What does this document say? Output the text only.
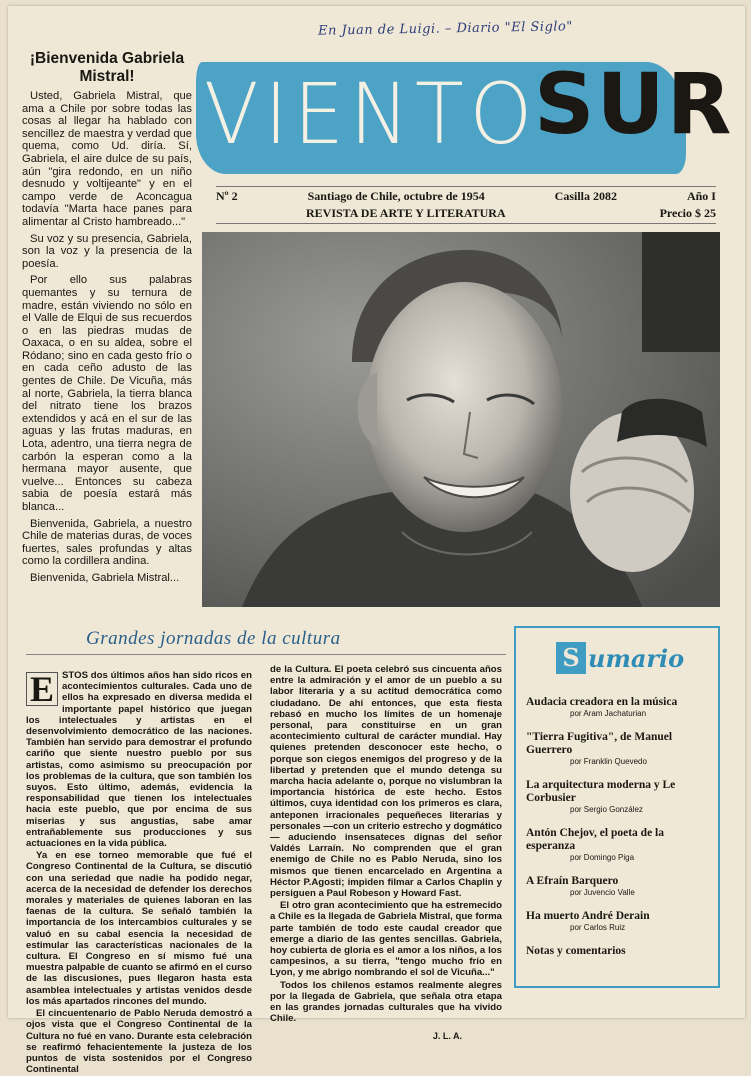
En Juan de Luigi. – Diario "El Siglo"
¡Bienvenida Gabriela Mistral!

Usted, Gabriela Mistral, que ama a Chile por sobre todas las cosas al llegar ha hablado con sencillez de maestra y verdad que quema, como Ud. diría. Sí, Gabriela, el aire dulce de su país, aún "gira redondo, en un niño desnudo y voltijeante" y en el campo verde de Aconcagua todavía "Marta hace panes para alimentar al Cristo hambreado..."

Su voz y su presencia, Gabriela, son la voz y la presencia de la poesía.

Por ello sus palabras quemantes y su ternura de madre, están viviendo no sólo en el Valle de Elqui de sus recuerdos o en las piedras mudas de Oaxaca, o en su aldea, sobre el Ródano; sino en cada gesto frío o en cada ceño adusto de las gentes de Chile. De Vicuña, más al norte, Gabriela, la tierra blanca del nitrato tiene los brazos extendidos y acá en el sur de las aguas y las frutas maduras, en Lota, adentro, una tierra negra de carbón la esperan como a la hermana mayor ausente, que vuelve... Entonces su cabeza sabia de poesía estará más blanca...

Bienvenida, Gabriela, a nuestro Chile de materias duras, de voces fuertes, sales profundas y altas como la cordillera andina.

Bienvenida, Gabriela Mistral...

VIENTO
SUR
Nº 2	Santiago de Chile, octubre de 1954	Casilla 2082	Año I
REVISTA DE ARTE Y LITERATURA	Precio $ 25
Grandes jornadas de la cultura
E STOS dos últimos años han sido ricos en acontecimientos culturales. Cada uno de ellos ha expresado en diversa medida el importante papel histórico que juegan los intelectuales y artistas en el desenvolvimiento democrático de las naciones. También han servido para demostrar el profundo cariño que siente nuestro pueblo por sus artistas, como asimismo su preocupación por los problemas de la cultura, que son también los suyos. Esto último, además, evidencia la responsabilidad que tienen los intelectuales hacia este pueblo, que por encima de sus miserias y sus angustias, sabe amar entrañablemente sus producciones y sus actuaciones en la vida pública.

Ya en ese torneo memorable que fué el Congreso Continental de la Cultura, se discutió con una seriedad que nadie ha podido negar, acerca de la necesidad de defender los derechos morales y materiales de quienes laboran en las faenas de la cultura. Se señaló también la importancia de los intercambios culturales y se valuó en su cabal esencia la necesidad de estimular las características nacionales de la cultura. El Congreso en sí mismo fué una muestra palpable de cuanto se afirmó en el curso de las discusiones, pues llegaron hasta esta asamblea intelectuales y artistas venidos desde los más apartados rincones del mundo.

El cincuentenario de Pablo Neruda demostró a ojos vista que el Congreso Continental de la Cultura no fué en vano. Durante esta celebración se reafirmó fehacientemente la justeza de los puntos de vista sostenidos por el Congreso Continental

de la Cultura. El poeta celebró sus cincuenta años entre la admiración y el amor de un pueblo a su labor literaria y a su actitud democrática como ciudadano. De ahí entonces, que esta fiesta rebasó en mucho los límites de un homenaje personal, para constituirse en un gran acontecimiento cultural de carácter mundial. Hay quienes pretenden desconocer este hecho, o porque son ciegos enemigos del progreso y de la libertad y pretenden que el mundo detenga su marcha hacia adelante o, porque no vislumbran la importancia histórica de este hecho. Estos últimos, cuya identidad con los primeros es clara, anteponen irracionales pequeñeces literarias y personales —con un criterio estrecho y dogmático— aduciendo insensateces dignas del señor Valdés Larraín. No comprenden que el gran enemigo de Chile no es Pablo Neruda, sino los mismos que tienen encarcelado en Argentina a Héctor P.Agosti; impiden filmar a Carlos Chaplin y persiguen a Paul Robeson y Howard Fast.

El otro gran acontecimiento que ha estremecido a Chile es la llegada de Gabriela Mistral, que forma parte también de todo este caudal creador que emerge a diario de las gentes sencillas. Gabriela, hoy cubierta de gloria es el amor a los niños, a los campesinos, a su tierra, "tengo mucho frío en Lyon, y me abrigo nombrando el sol de Vicuña..."

Todos los chilenos estamos realmente alegres por la llegada de Gabriela, que señala otra etapa en las grandes jornadas culturales que ha vivido Chile.

J. L. A.
S umario
Audacia creadora en la música
por Aram Jachaturian
"Tierra Fugitiva", de Manuel Guerrero
por Franklin Quevedo
La arquitectura moderna y Le Corbusier
por Sergio González
Antón Chejov, el poeta de la esperanza
por Domingo Piga
A Efraín Barquero
por Juvencio Valle
Ha muerto André Derain
por Carlos Ruiz
Notas y comentarios
